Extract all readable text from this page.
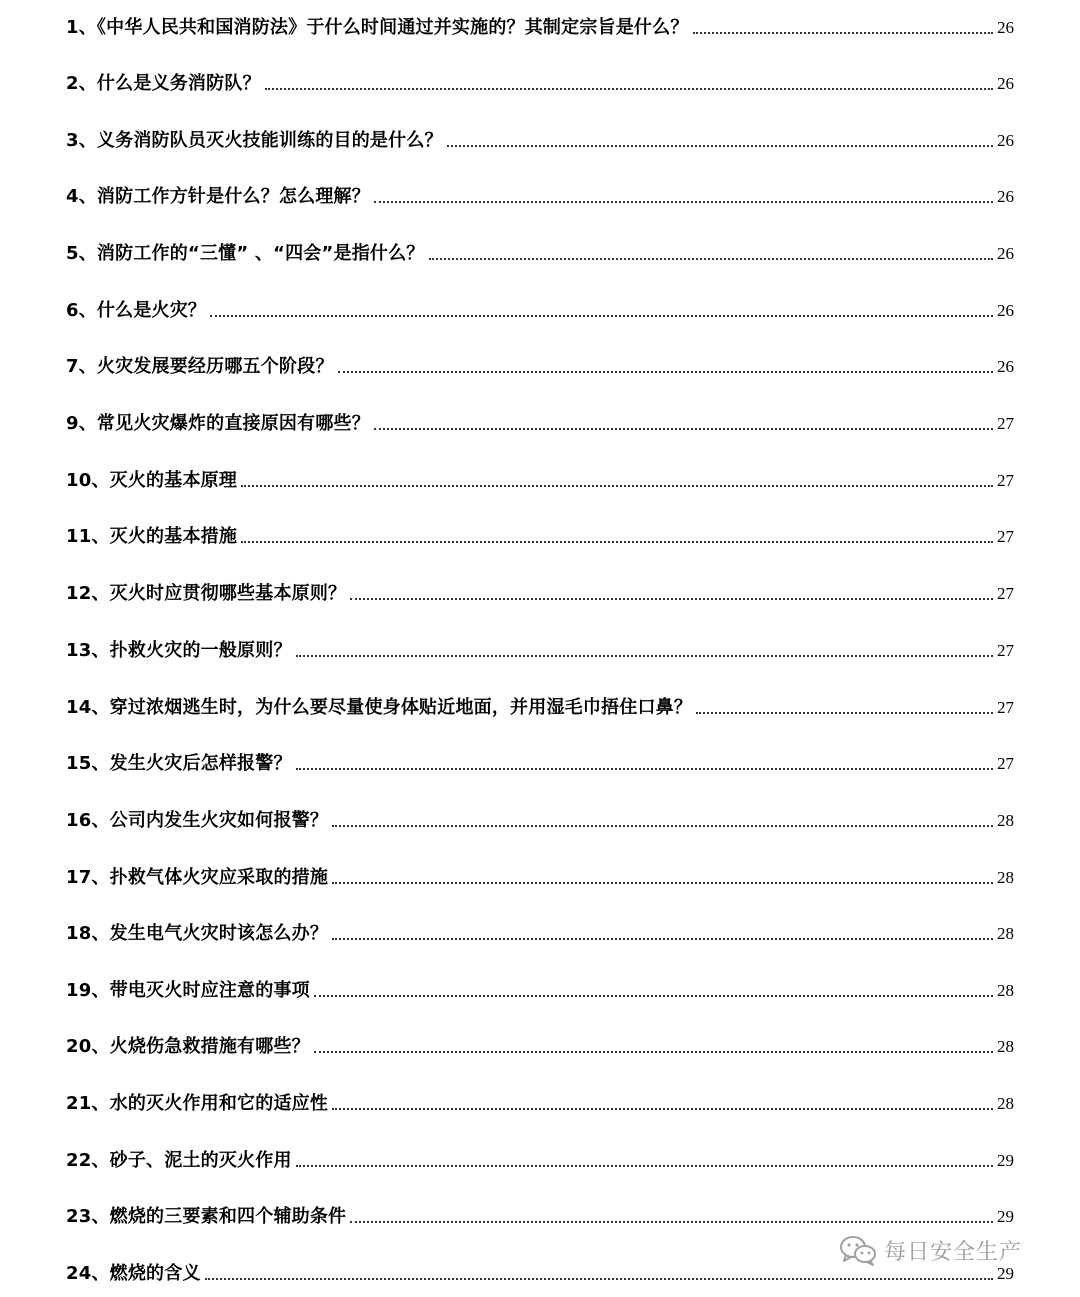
1、《中华人民共和国消防法》于什么时间通过并实施的？其制定宗旨是什么？	26
2、什么是义务消防队？	26
3、义务消防队员灭火技能训练的目的是什么？	26
4、消防工作方针是什么？怎么理解？	26
5、消防工作的“三懂” 、“四会”是指什么？	26
6、什么是火灾？	26
7、火灾发展要经历哪五个阶段？	26
9、常见火灾爆炸的直接原因有哪些？	27
10、灭火的基本原理	27
11、灭火的基本措施	27
12、灭火时应贯彻哪些基本原则？	27
13、扑救火灾的一般原则？	27
14、穿过浓烟逃生时，为什么要尽量使身体贴近地面，并用湿毛巾捂住口鼻？	27
15、发生火灾后怎样报警？	27
16、公司内发生火灾如何报警？	28
17、扑救气体火灾应采取的措施	28
18、发生电气火灾时该怎么办？	28
19、带电灭火时应注意的事项	28
20、火烧伤急救措施有哪些？	28
21、水的灭火作用和它的适应性	28
22、砂子、泥土的灭火作用	29
23、燃烧的三要素和四个辅助条件	29
24、燃烧的含义	29
每日安全生产
